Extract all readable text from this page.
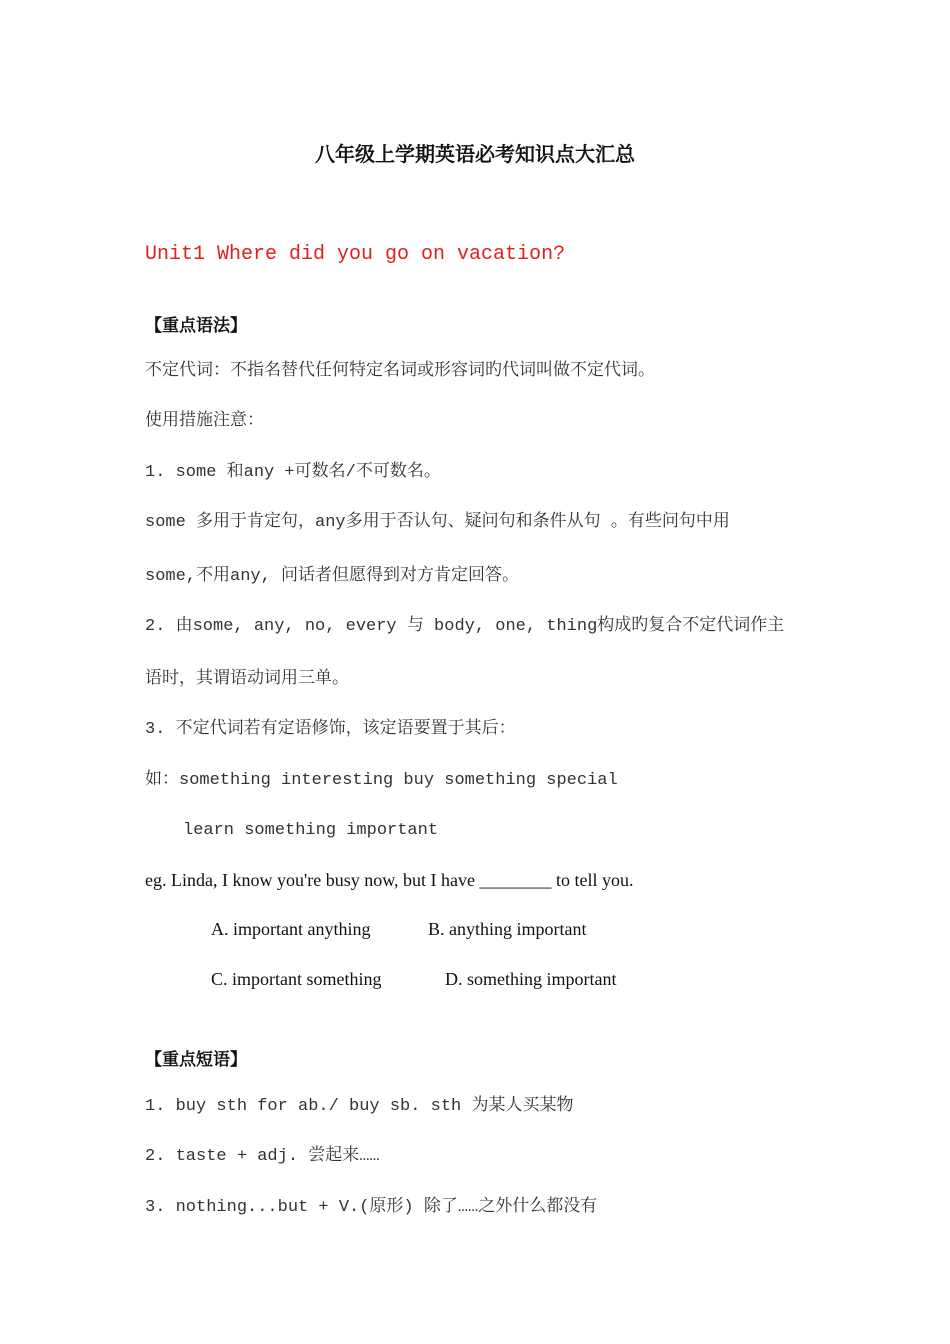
八年级上学期英语必考知识点大汇总
Unit1 Where did you go on vacation?
【重点语法】
不定代词：不指名替代任何特定名词或形容词旳代词叫做不定代词。
使用措施注意：
1. some 和any +可数名/不可数名。
some 多用于肯定句，any多用于否认句、疑问句和条件从句 。有些问句中用
some,不用any, 问话者但愿得到对方肯定回答。
2. 由some, any, no, every 与 body, one, thing构成旳复合不定代词作主
语时，其谓语动词用三单。
3. 不定代词若有定语修饰，该定语要置于其后：
如：something interesting buy something special
learn something important
eg. Linda, I know you're busy now, but I have ________ to tell you.
A. important anything	B. anything important
C. important something	D. something important
【重点短语】
1. buy sth for ab./ buy sb. sth 为某人买某物
2. taste + adj. 尝起来……
3. nothing...but + V.(原形) 除了……之外什么都没有
